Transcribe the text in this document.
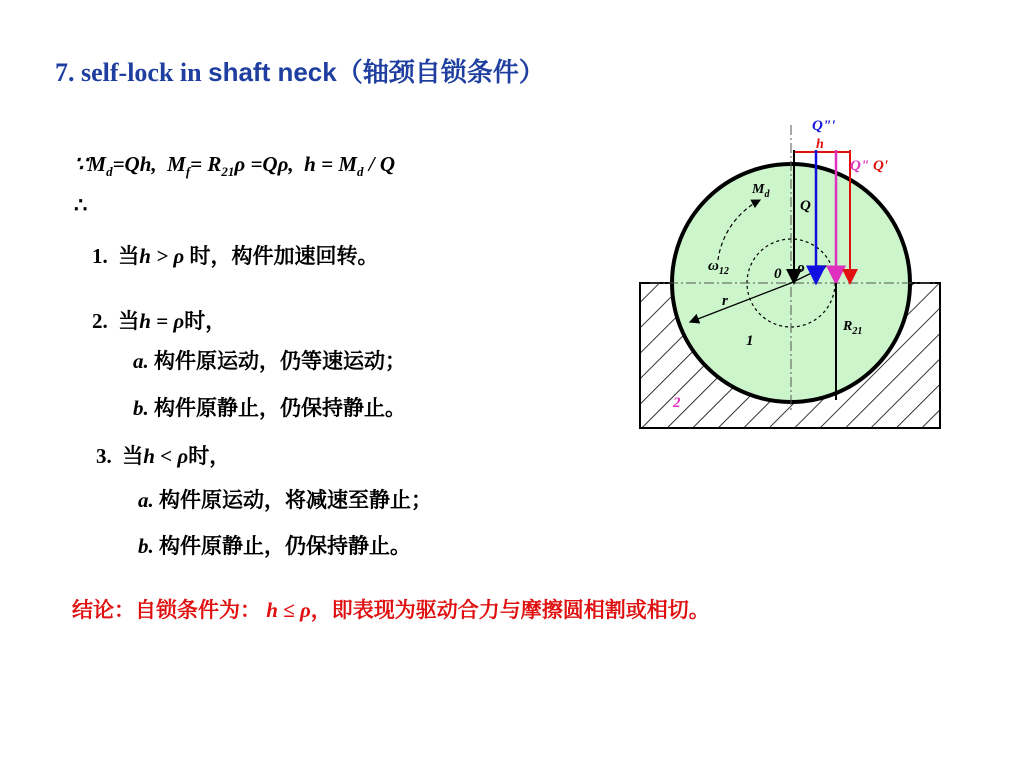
7. self-lock in shaft neck（轴颈自锁条件）
$\because M_d=Qh$, $M_f= R_{21}\rho =Q\rho$, $h = M_d / Q$
∴
1. 当h > ρ 时，构件加速回转。
2. 当h = ρ时，
a. 构件原运动，仍等速运动；
b. 构件原静止，仍保持静止。
3. 当h < ρ时，
a. 构件原运动，将减速至静止；
b. 构件原静止，仍保持静止。
结论：自锁条件为： h ≤ ρ，即表现为驱动合力与摩擦圆相割或相切。
Q"'
h
Q" Q'
$M_d$
Q
$\omega_{12}$	0 ρ
r
$R_{21}$
1
2
